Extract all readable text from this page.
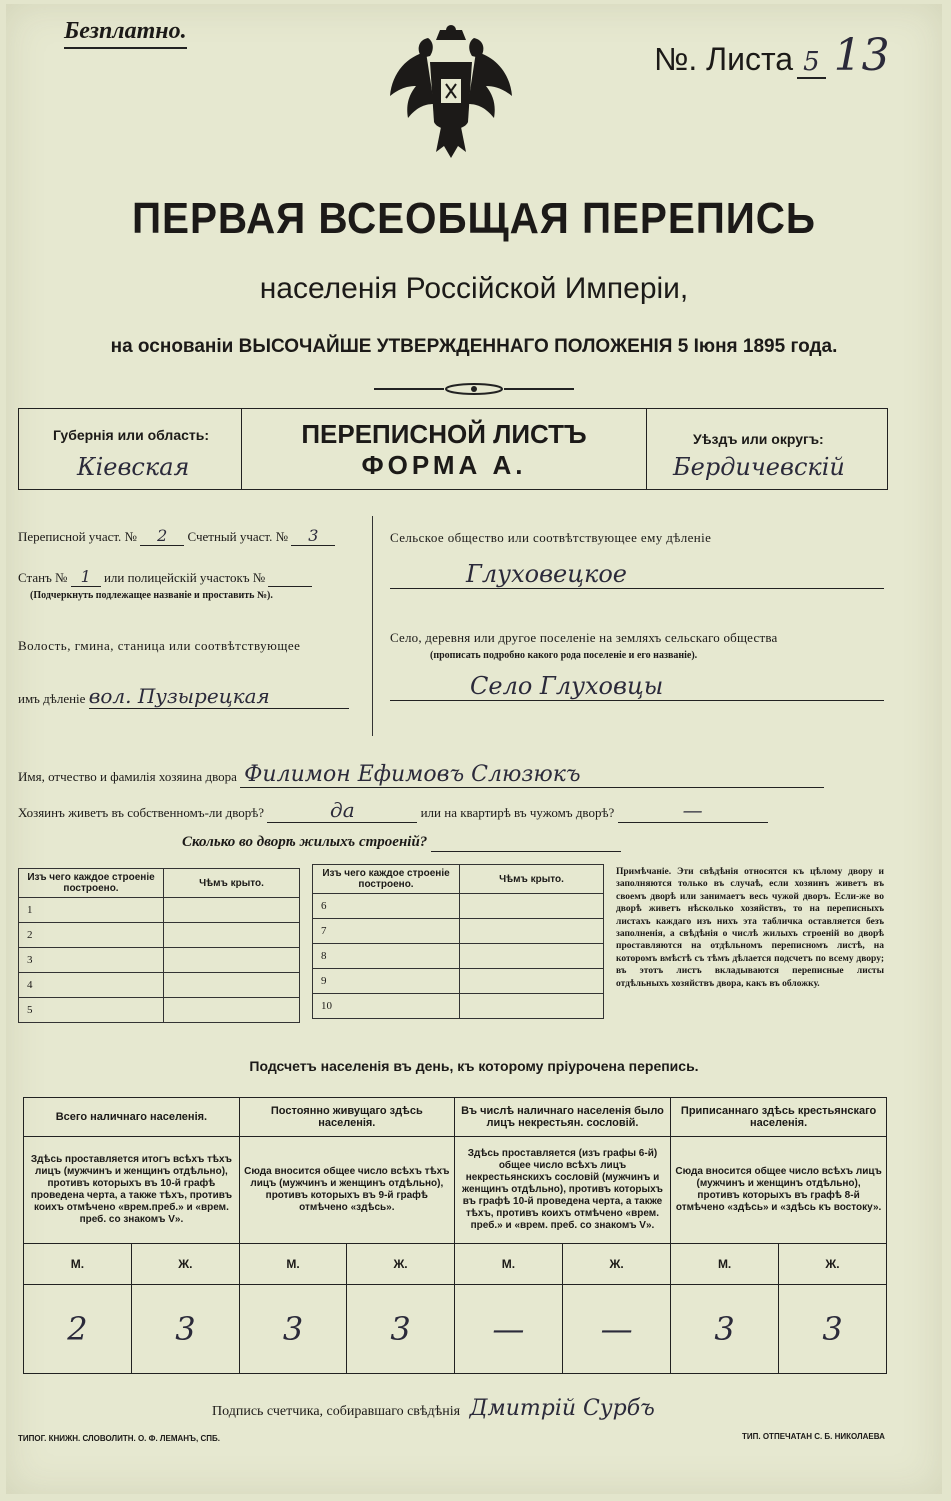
Безплатно.
№. Листа 5 13
ПЕРВАЯ ВСЕОБЩАЯ ПЕРЕПИСЬ
населенія Россійской Имперіи,
на основаніи ВЫСОЧАЙШЕ УТВЕРЖДЕННАГО ПОЛОЖЕНІЯ 5 Іюня 1895 года.
Губернія или область:
Кіевская
ПЕРЕПИСНОЙ ЛИСТЪ
ФОРМА А.
Уѣздъ или округъ:
Бердичевскій
Переписной участ. № 2 Счетный участ. № 3
Станъ № 1 или полицейскій участокъ №
(Подчеркнуть подлежащее названіе и проставить №).
Волость, гмина, станица или соотвѣтствующее
имъ дѣленіе вол. Пузырецкая
Сельское общество или соотвѣтствующее ему дѣленіе
Глуховецкое
Село, деревня или другое поселеніе на земляхъ сельскаго общества
(прописать подробно какого рода поселеніе и его названіе).
Село Глуховцы
Имя, отчество и фамилія хозяина двора Филимон Ефимовъ Слюзюкъ
Хозяинъ живетъ въ собственномъ-ли дворѣ?	да	или на квартирѣ въ чужомъ дворѣ?	—
Сколько во дворѣ жилыхъ строеній?
Изъ чего каждое строеніе построено.	Чѣмъ крыто.
1	
2	
3	
4	
5	
Изъ чего каждое строеніе построено.	Чѣмъ крыто.
6	
7	
8	
9	
10	
Примѣчаніе. Эти свѣдѣнія относятся къ цѣлому двору и заполняются только въ случаѣ, если хозяинъ живетъ въ своемъ дворѣ или занимаетъ весь чужой дворъ. Если-же во дворѣ живетъ нѣсколько хозяйствъ, то на переписныхъ листахъ каждаго изъ нихъ эта табличка оставляется безъ заполненія, а свѣдѣнія о числѣ жилыхъ строеній во дворѣ проставляются на отдѣльномъ переписномъ листѣ, на которомъ вмѣстѣ съ тѣмъ дѣлается подсчетъ по всему двору; въ этотъ листъ вкладываются переписные листы отдѣльныхъ хозяйствъ двора, какъ въ обложку.
Подсчетъ населенія въ день, къ которому пріурочена перепись.
Всего наличнаго населенія.		Постоянно живущаго здѣсь населенія.		Въ числѣ наличнаго населенія было лицъ некрестьян. сословій.		Приписаннаго здѣсь крестьянскаго населенія.	
Здѣсь проставляется итогъ всѣхъ тѣхъ лицъ (мужчинъ и женщинъ отдѣльно), противъ которыхъ въ 10-й графѣ проведена черта, а также тѣхъ, противъ коихъ отмѣчено «врем.преб.» и «врем. преб. со знакомъ V».		Сюда вносится общее число всѣхъ тѣхъ лицъ (мужчинъ и женщинъ отдѣльно), противъ которыхъ въ 9-й графѣ отмѣчено «здѣсь».		Здѣсь проставляется (изъ графы 6-й) общее число всѣхъ лицъ некрестьянскихъ сословій (мужчинъ и женщинъ отдѣльно), противъ которыхъ въ графѣ 10-й проведена черта, а также тѣхъ, противъ коихъ отмѣчено «врем. преб.» и «врем. преб. со знакомъ V».		Сюда вносится общее число всѣхъ лицъ (мужчинъ и женщинъ отдѣльно), противъ которыхъ въ графѣ 8-й отмѣчено «здѣсь» и «здѣсь къ востоку».	
М.	Ж.	М.	Ж.	М.	Ж.	М.	Ж.
2	3	3	3	—	—	3	3
Подпись счетчика, собиравшаго свѣдѣнія Дмитрій Сурбъ
ТИПОГ. КНИЖН. СЛОВОЛИТН. О. Ф. ЛЕМАНЪ, СПБ.	ТИП. ОТПЕЧАТАН С. Б. НИКОЛАЕВА
